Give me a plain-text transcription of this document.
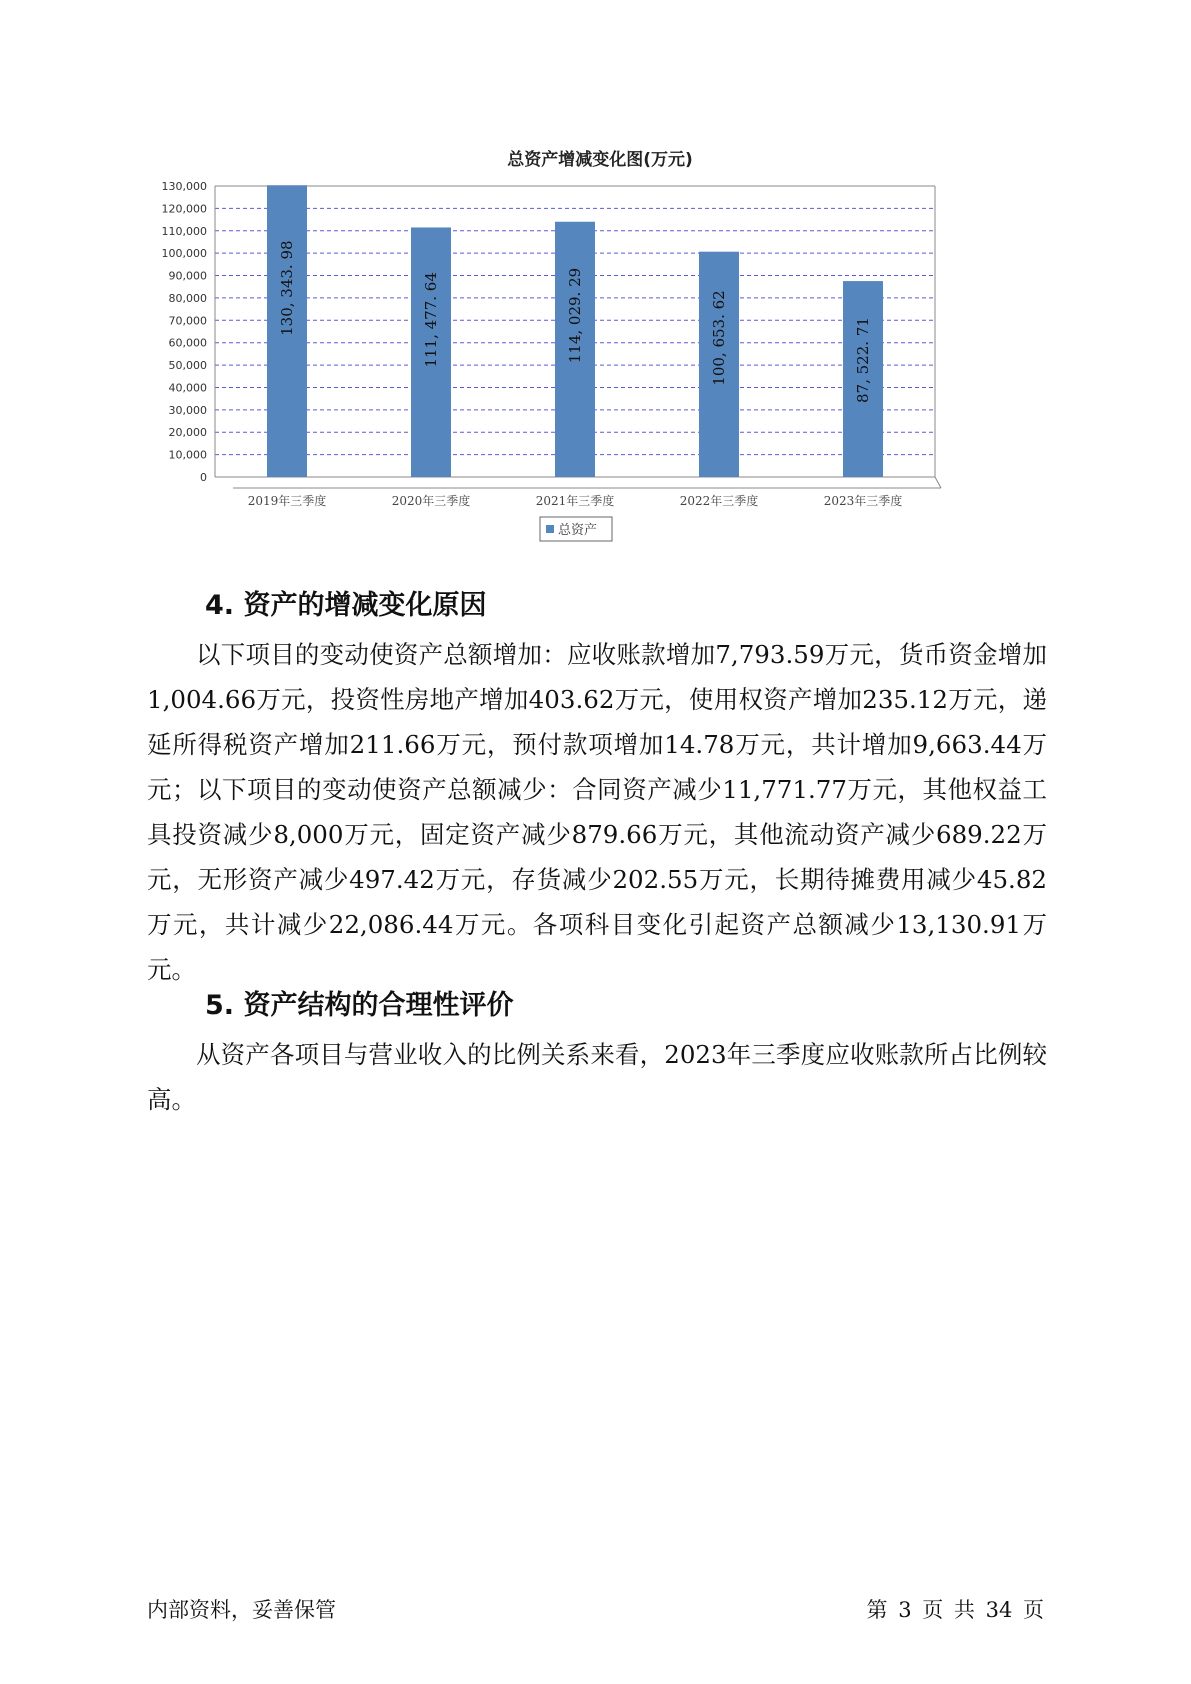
总资产增减变化图(万元)
0
10,000
20,000
30,000
40,000
50,000
60,000
70,000
80,000
90,000
100,000
110,000
120,000
130,000
130, 343. 98
2019年三季度
111, 477. 64
2020年三季度
114, 029. 29
2021年三季度
100, 653. 62
2022年三季度
87, 522. 71
2023年三季度
总资产
4. 资产的增减变化原因

以下项目的变动使资产总额增加：应收账款增加7,793.59万元，货币资金增加1,004.66万元，投资性房地产增加403.62万元，使用权资产增加235.12万元，递延所得税资产增加211.66万元，预付款项增加14.78万元，共计增加9,663.44万元；以下项目的变动使资产总额减少：合同资产减少11,771.77万元，其他权益工具投资减少8,000万元，固定资产减少879.66万元，其他流动资产减少689.22万元，无形资产减少497.42万元，存货减少202.55万元，长期待摊费用减少45.82万元，共计减少22,086.44万元。各项科目变化引起资产总额减少13,130.91万元。

5. 资产结构的合理性评价

从资产各项目与营业收入的比例关系来看，2023年三季度应收账款所占比例较高。

内部资料，妥善保管	第 3 页 共 34 页
